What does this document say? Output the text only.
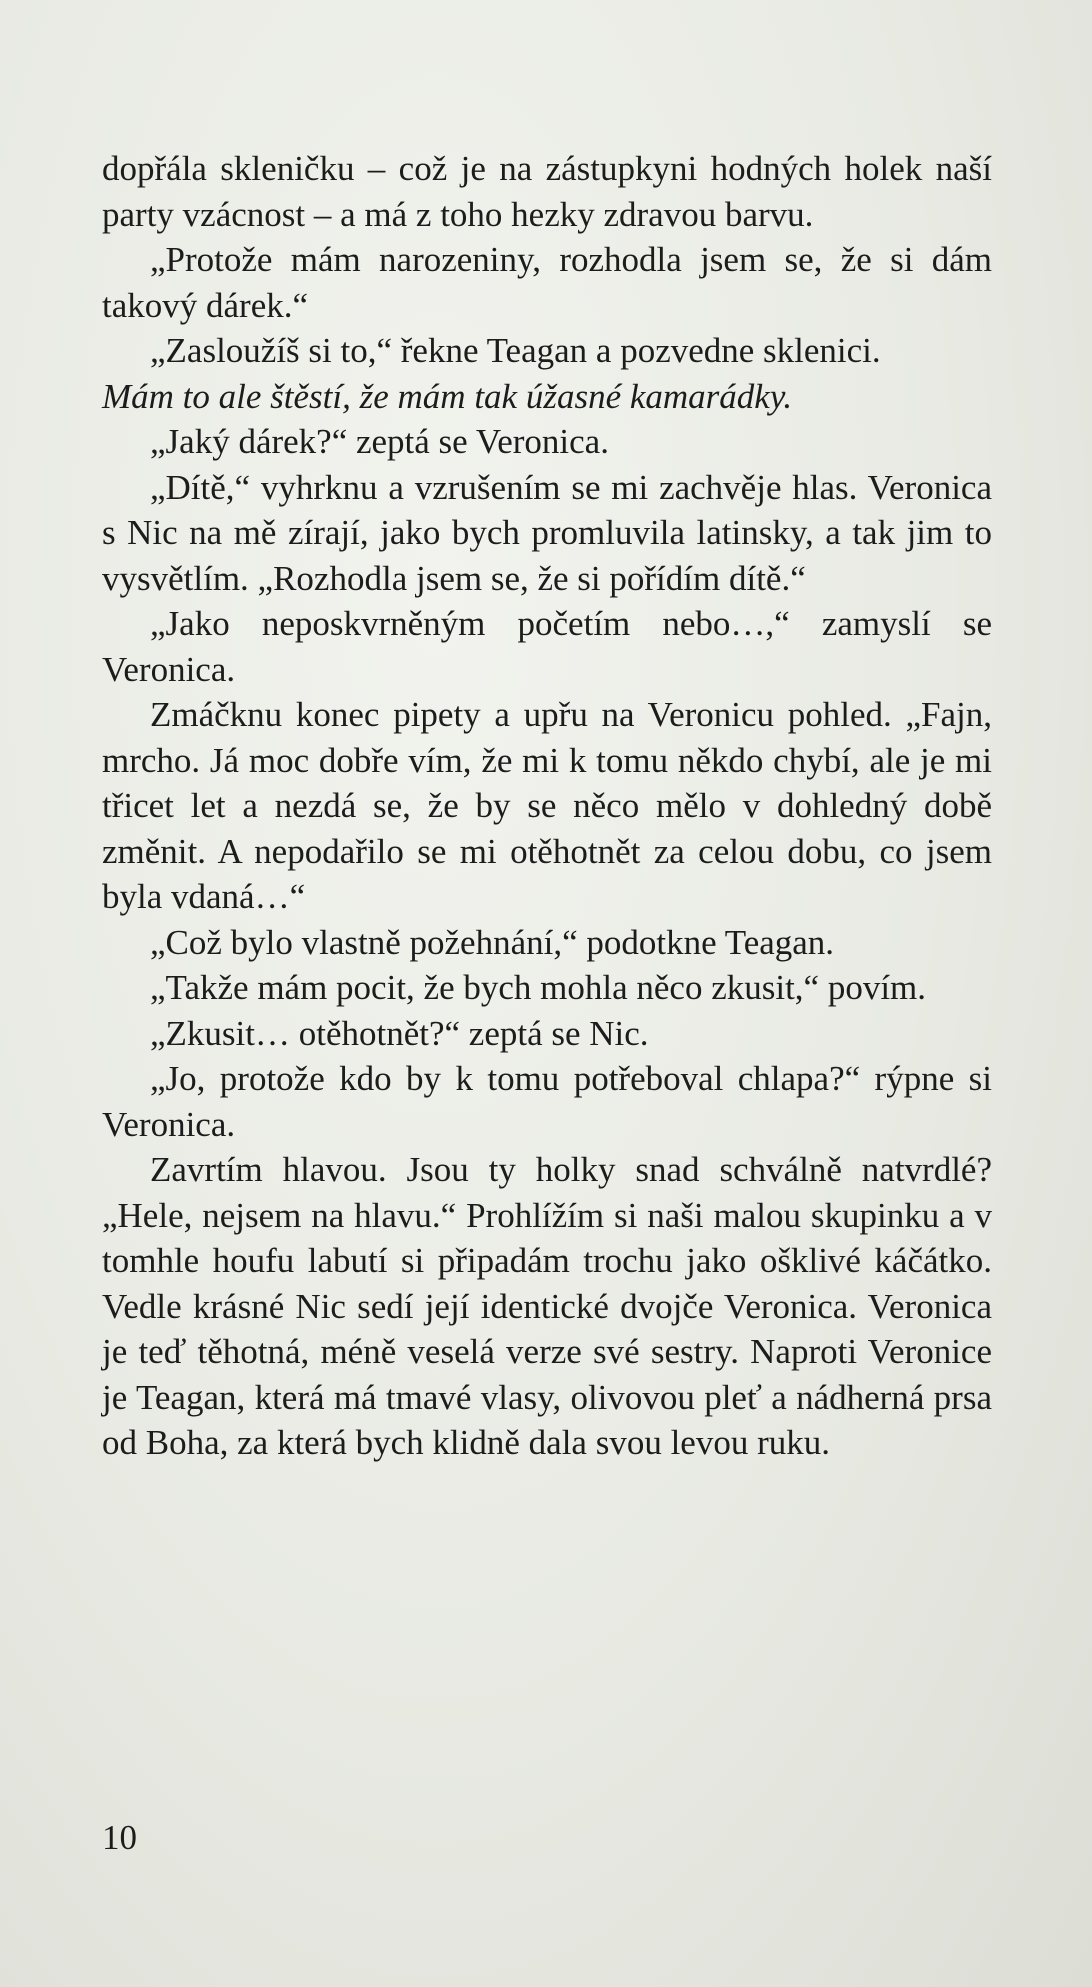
dopřála skleničku – což je na zástupkyni hodných holek naší party vzácnost – a má z toho hezky zdravou barvu.

„Protože mám narozeniny, rozhodla jsem se, že si dám takový dárek.“

„Zasloužíš si to,“ řekne Teagan a pozvedne sklenici.

Mám to ale štěstí, že mám tak úžasné kamarádky.

„Jaký dárek?“ zeptá se Veronica.

„Dítě,“ vyhrknu a vzrušením se mi zachvěje hlas. Veronica s Nic na mě zírají, jako bych promluvila latinsky, a tak jim to vysvětlím. „Rozhodla jsem se, že si pořídím dítě.“

„Jako neposkvrněným početím nebo…,“ zamyslí se Veronica.

Zmáčknu konec pipety a upřu na Veronicu pohled. „Fajn, mrcho. Já moc dobře vím, že mi k tomu někdo chybí, ale je mi třicet let a nezdá se, že by se něco mělo v dohledný době změnit. A nepodařilo se mi otěhotnět za celou dobu, co jsem byla vdaná…“

„Což bylo vlastně požehnání,“ podotkne Teagan.

„Takže mám pocit, že bych mohla něco zkusit,“ povím.

„Zkusit… otěhotnět?“ zeptá se Nic.

„Jo, protože kdo by k tomu potřeboval chlapa?“ rýpne si Veronica.

Zavrtím hlavou. Jsou ty holky snad schválně natvrdlé? „Hele, nejsem na hlavu.“ Prohlížím si naši malou skupinku a v tomhle houfu labutí si připadám trochu jako ošklivé káčátko. Vedle krásné Nic sedí její identické dvojče Veronica. Veronica je teď těhotná, méně veselá verze své sestry. Naproti Veronice je Teagan, která má tmavé vlasy, olivovou pleť a nádherná prsa od Boha, za která bych klidně dala svou levou ruku.

10
